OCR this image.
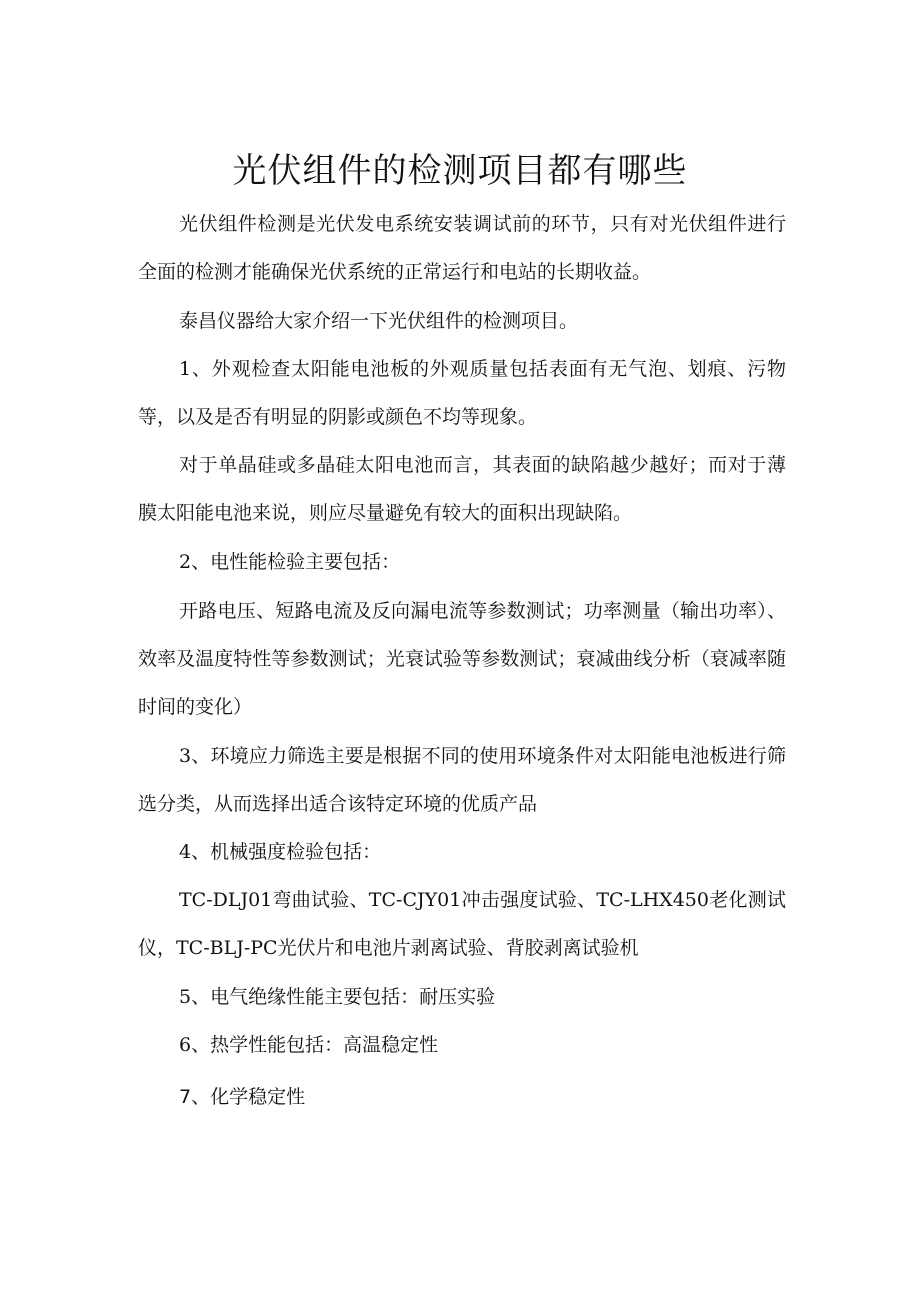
光伏组件的检测项目都有哪些

光伏组件检测是光伏发电系统安装调试前的环节，只有对光伏组件进行全面的检测才能确保光伏系统的正常运行和电站的长期收益。

泰昌仪器给大家介绍一下光伏组件的检测项目。

1、外观检查太阳能电池板的外观质量包括表面有无气泡、划痕、污物等，以及是否有明显的阴影或颜色不均等现象。

对于单晶硅或多晶硅太阳电池而言，其表面的缺陷越少越好；而对于薄膜太阳能电池来说，则应尽量避免有较大的面积出现缺陷。

2、电性能检验主要包括：

开路电压、短路电流及反向漏电流等参数测试；功率测量（输出功率）、效率及温度特性等参数测试；光衰试验等参数测试；衰减曲线分析（衰减率随时间的变化）

3、环境应力筛选主要是根据不同的使用环境条件对太阳能电池板进行筛选分类，从而选择出适合该特定环境的优质产品

4、机械强度检验包括：

TC-DLJ01弯曲试验、TC-CJY01冲击强度试验、TC-LHX450老化测试仪，TC-BLJ-PC光伏片和电池片剥离试验、背胶剥离试验机

5、电气绝缘性能主要包括：耐压实验

6、热学性能包括：高温稳定性

7、化学稳定性
